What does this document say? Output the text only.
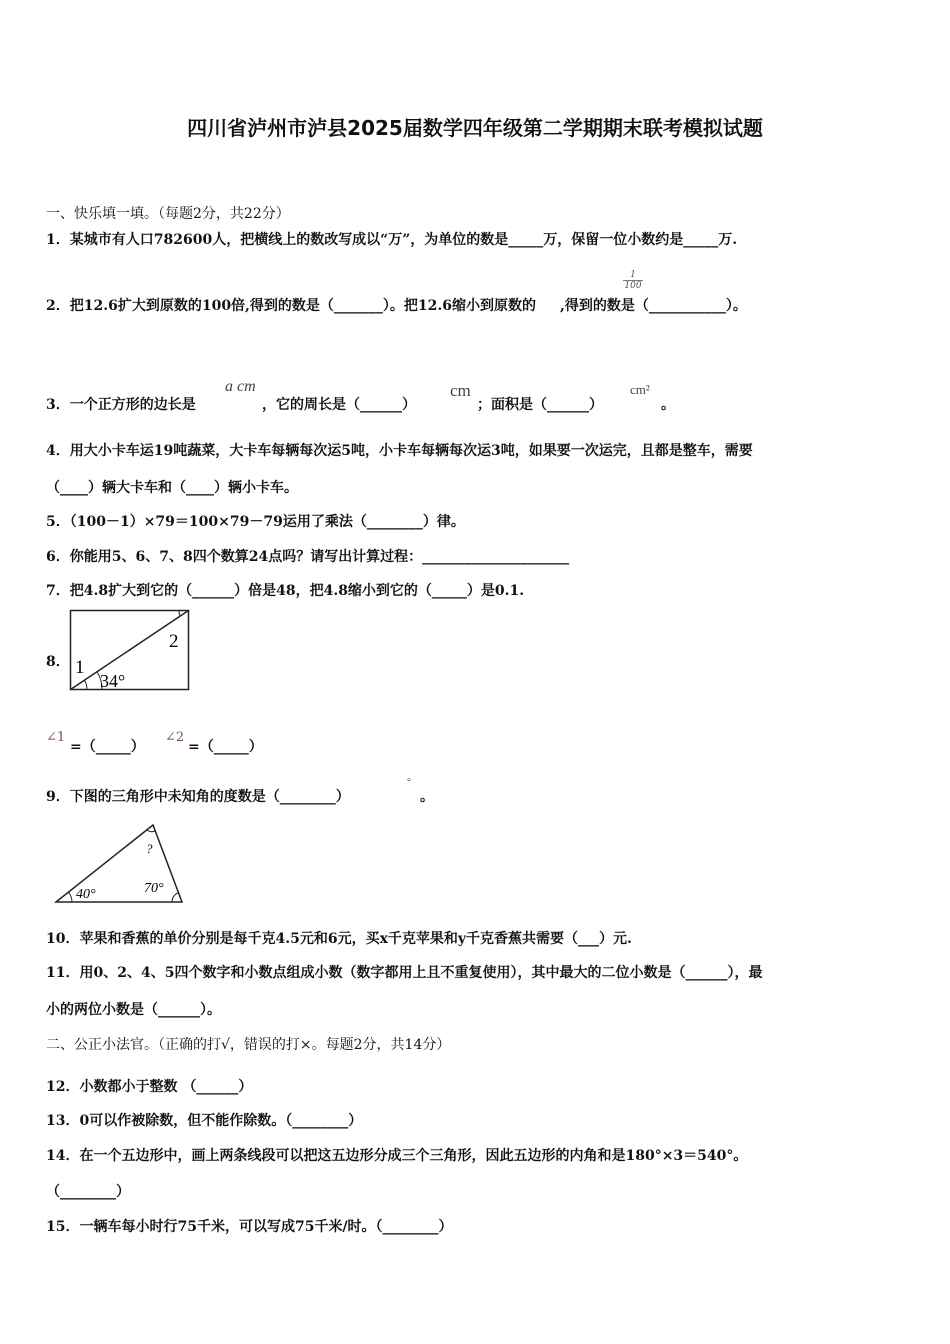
四川省泸州市泸县2025届数学四年级第二学期期末联考模拟试题
一、快乐填一填。（每题2分，共22分）
1．某城市有人口782600人，把横线上的数改写成以“万”，为单位的数是_____万，保留一位小数约是_____万.
2．把12.6扩大到原数的100倍,得到的数是（_______）。把12.6缩小到原数的 ,得到的数是（___________）。
1
100
3．一个正方形的边长是
a cm
，它的周长是（______）
cm
；面积是（______）
cm²
。
4．用大小卡车运19吨蔬菜，大卡车每辆每次运5吨，小卡车每辆每次运3吨，如果要一次运完，且都是整车，需要
（____）辆大卡车和（____）辆小卡车。
5．（100－1）×79＝100×79－79运用了乘法（________）律。
6．你能用5、6、7、8四个数算24点吗？请写出计算过程：_____________________
7．把4.8扩大到它的（______）倍是48，把4.8缩小到它的（_____）是0.1.
8． 1
2
34°
∠1
=（_____）
∠2
=（_____）
9．下图的三角形中未知角的度数是（________）
°
。
?
40°	70°
10．苹果和香蕉的单价分别是每千克4.5元和6元，买x千克苹果和y千克香蕉共需要（___）元.
11．用0、2、4、5四个数字和小数点组成小数（数字都用上且不重复使用），其中最大的二位小数是（______），最
小的两位小数是（______）。
二、公正小法官。（正确的打√，错误的打×。每题2分，共14分）
12．小数都小于整数 （______）
13．0可以作被除数，但不能作除数。（________）
14．在一个五边形中，画上两条线段可以把这五边形分成三个三角形，因此五边形的内角和是180°×3＝540°。
（________）
15．一辆车每小时行75千米，可以写成75千米/时。（________）
